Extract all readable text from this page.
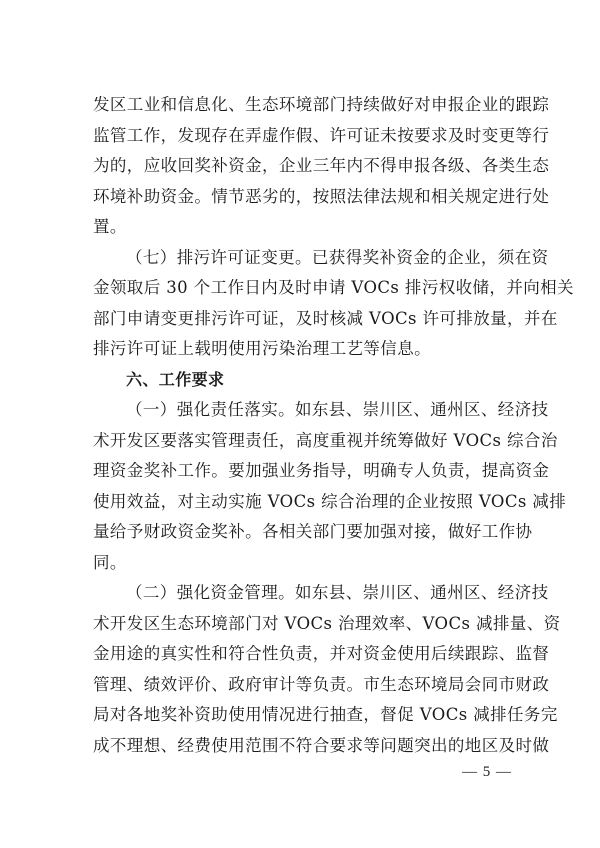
发区工业和信息化、生态环境部门持续做好对申报企业的跟踪
监管工作，发现存在弄虚作假、许可证未按要求及时变更等行
为的，应收回奖补资金，企业三年内不得申报各级、各类生态
环境补助资金。情节恶劣的，按照法律法规和相关规定进行处
置。
（七）排污许可证变更。已获得奖补资金的企业，须在资
金领取后 30 个工作日内及时申请 VOCs 排污权收储，并向相关
部门申请变更排污许可证，及时核减 VOCs 许可排放量，并在
排污许可证上载明使用污染治理工艺等信息。
六、工作要求
（一）强化责任落实。如东县、崇川区、通州区、经济技
术开发区要落实管理责任，高度重视并统筹做好 VOCs 综合治
理资金奖补工作。要加强业务指导，明确专人负责，提高资金
使用效益，对主动实施 VOCs 综合治理的企业按照 VOCs 减排
量给予财政资金奖补。各相关部门要加强对接，做好工作协
同。
（二）强化资金管理。如东县、崇川区、通州区、经济技
术开发区生态环境部门对 VOCs 治理效率、VOCs 减排量、资
金用途的真实性和符合性负责，并对资金使用后续跟踪、监督
管理、绩效评价、政府审计等负责。市生态环境局会同市财政
局对各地奖补资助使用情况进行抽查，督促 VOCs 减排任务完
成不理想、经费使用范围不符合要求等问题突出的地区及时做
— 5 —
